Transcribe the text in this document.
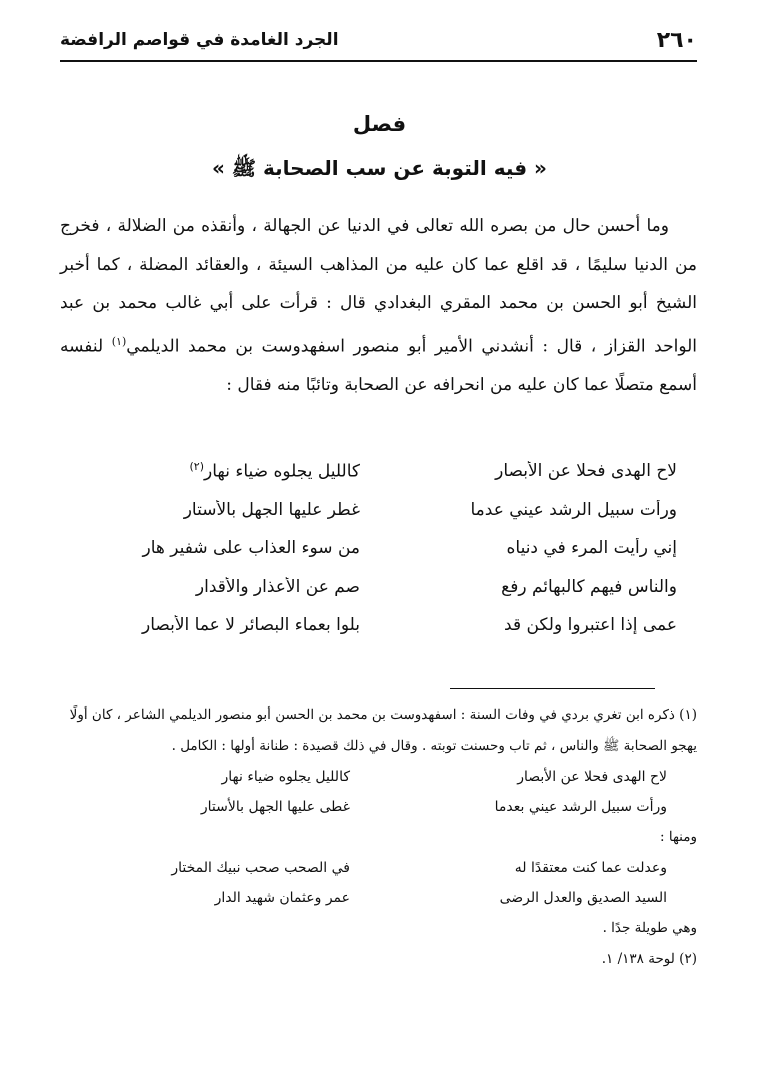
٢٦٠
الجرد الغامدة في قواصم الرافضة
فصل
« فيه التوبة عن سب الصحابة ﷺ »

وما أحسن حال من بصره الله تعالى في الدنيا عن الجهالة ، وأنقذه من الضلالة ، فخرج من الدنيا سليمًا ، قد اقلع عما كان عليه من المذاهب السيئة ، والعقائد المضلة ، كما أخبر الشيخ أبو الحسن بن محمد المقري البغدادي قال : قرأت على أبي غالب محمد بن عبد الواحد القزاز ، قال : أنشدني الأمير أبو منصور اسفهدوست بن محمد الديلمي$^{(١)}$ لنفسه أسمع متصلًا عما كان عليه من انحرافه عن الصحابة وتائبًا منه فقال :

لاح الهدى فحلا عن الأبصار
كالليل يجلوه ضياء نهار$^{(٢)}$
ورأت سبيل الرشد عيني عدما
غطر عليها الجهل بالأستار
إني رأيت المرء في دنياه
من سوء العذاب على شفير هار
والناس فيهم كالبهائم رفع
صم عن الأعذار والأقدار
عمى إذا اعتبروا ولكن قد
بلوا بعماء البصائر لا عما الأبصار

(١) ذكره ابن تغري بردي في وفات السنة : اسفهدوست بن محمد بن الحسن أبو منصور الديلمي الشاعر ، كان أولًا يهجو الصحابة ﷺ والناس ، ثم تاب وحسنت توبته . وقال في ذلك قصيدة : طنانة أولها : الكامل .

لاح الهدى فحلا عن الأبصار
كالليل يجلوه ضياء نهار
ورأت سبيل الرشد عيني بعدما
غطى عليها الجهل بالأستار

ومنها :

وعدلت عما كنت معتقدًا له
في الصحب صحب نبيك المختار
السيد الصديق والعدل الرضى
عمر وعثمان شهيد الدار

وهي طويلة جدًا .

(٢) لوحة ١٣٨/ ١.
